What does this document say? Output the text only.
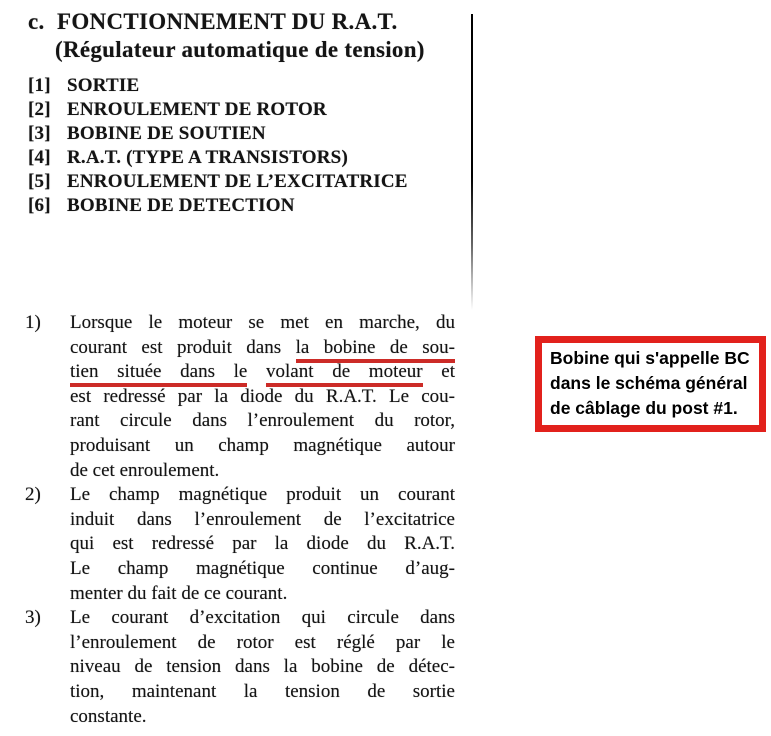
c. FONCTIONNEMENT DU R.A.T.
(Régulateur automatique de tension)
[1] SORTIE
[2] ENROULEMENT DE ROTOR
[3] BOBINE DE SOUTIEN
[4] R.A.T. (TYPE A TRANSISTORS)
[5] ENROULEMENT DE L’EXCITATRICE
[6] BOBINE DE DETECTION
1)	Lorsque le moteur se met en marche, du
courant est produit dans la bobine de sou-
tien située dans le volant de moteur et
est redressé par la diode du R.A.T. Le cou-
rant circule dans l’enroulement du rotor,
produisant un champ magnétique autour
de cet enroulement.
2)	Le champ magnétique produit un courant
induit dans l’enroulement de l’excitatrice
qui est redressé par la diode du R.A.T.
Le champ magnétique continue d’aug-
menter du fait de ce courant.
3)	Le courant d’excitation qui circule dans
l’enroulement de rotor est réglé par le
niveau de tension dans la bobine de détec-
tion, maintenant la tension de sortie
constante.
Bobine qui s'appelle BC
dans le schéma général
de câblage du post #1.
